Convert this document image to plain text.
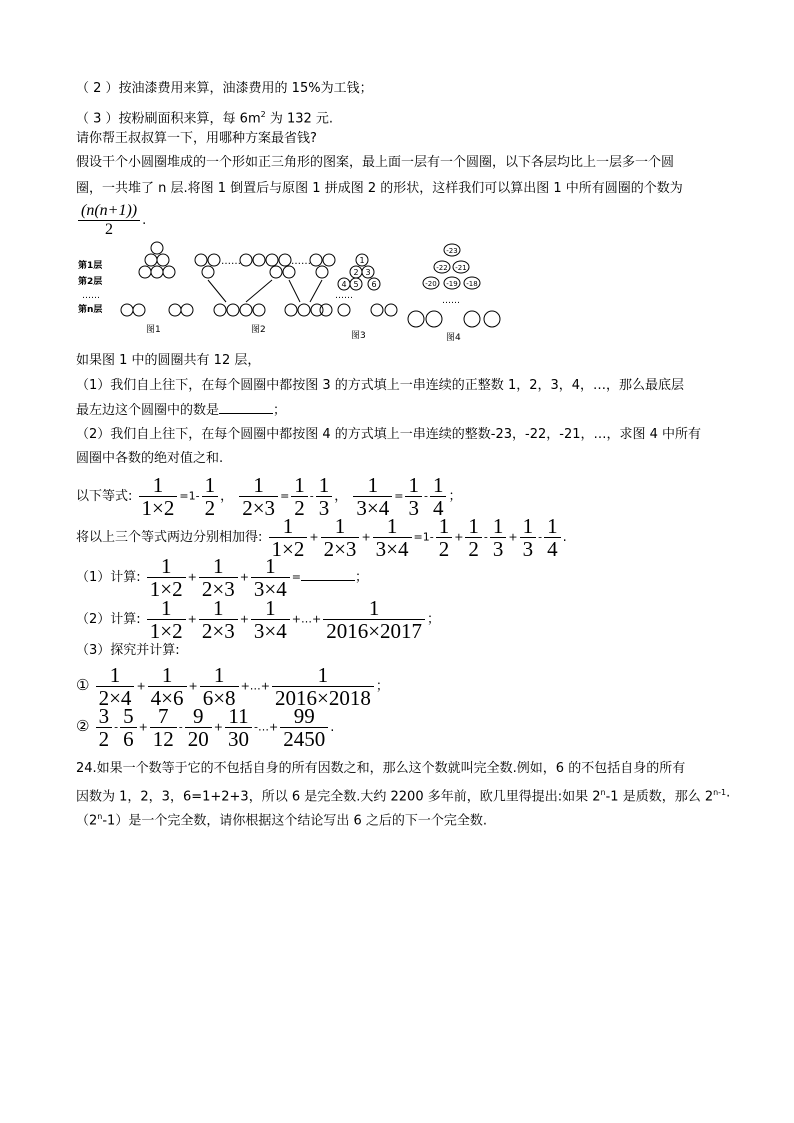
（ 2 ）按油漆费用来算，油漆费用的 15%为工钱；
（ 3 ）按粉刷面积来算，每 $6m^2$ 为 132 元.
请你帮王叔叔算一下，用哪种方案最省钱?
假设干个小圆圈堆成的一个形如正三角形的图案，最上面一层有一个圆圈，以下各层均比上一层多一个圆
圈，一共堆了 n 层.将图 1 倒置后与原图 1 拼成图 2 的形状，这样我们可以算出图 1 中所有圆圈的个数为
$\frac{(n(n+1))}{2}$ .
第1层
第2层
……
第n层
图1	图2
图3	图4
……	……
……	……
1
2 3
4 5 6
-23
-22 -21
-20 -19 -18
如果图 1 中的圆圈共有 12 层，
（1）我们自上往下，在每个圆圈中都按图 3 的方式填上一串连续的正整数 1，2，3，4，…，那么最底层
最左边这个圆圈中的数是	；
（2）我们自上往下，在每个圆圈中都按图 4 的方式填上一串连续的整数-23，-22，-21，…，求图 4 中所有
圆圈中各数的绝对值之和.
以下等式: $\frac{1}{1\times 2} =1- \frac{1}{2}$ ， $\frac{1}{2\times 3} = \frac{1}{2} - \frac{1}{3}$ ， $\frac{1}{3\times 4} = \frac{1}{3} - \frac{1}{4}$ ；
将以上三个等式两边分别相加得: $\frac{1}{1\times 2} + \frac{1}{2\times 3} + \frac{1}{3\times 4} =1- \frac{1}{2} + \frac{1}{2} - \frac{1}{3} + \frac{1}{3} - \frac{1}{4}$ .
（1）计算: $\frac{1}{1\times 2} + \frac{1}{2\times 3} + \frac{1}{3\times 4}$ =	；
（2）计算: $\frac{1}{1\times 2} + \frac{1}{2\times 3} + \frac{1}{3\times 4}$ +…+ $\frac{1}{2016\times 2017}$ ；
（3）探究并计算:
① $\frac{1}{2\times 4} + \frac{1}{4\times 6} + \frac{1}{6\times 8}$ +…+ $\frac{1}{2016\times 2018}$ ；
② $\frac{3}{2} - \frac{5}{6} + \frac{7}{12} - \frac{9}{20} + \frac{11}{30}$ -…+ $\frac{99}{2450}$ .
24.如果一个数等于它的不包括自身的所有因数之和，那么这个数就叫完全数.例如，6 的不包括自身的所有
因数为 1，2，3，6=1+2+3，所以 6 是完全数.大约 2200 多年前，欧几里得提出:如果 2$^n$-1 是质数，那么 $2^{n-1}\cdot$
$(2^n-1)$是一个完全数，请你根据这个结论写出 6 之后的下一个完全数.
